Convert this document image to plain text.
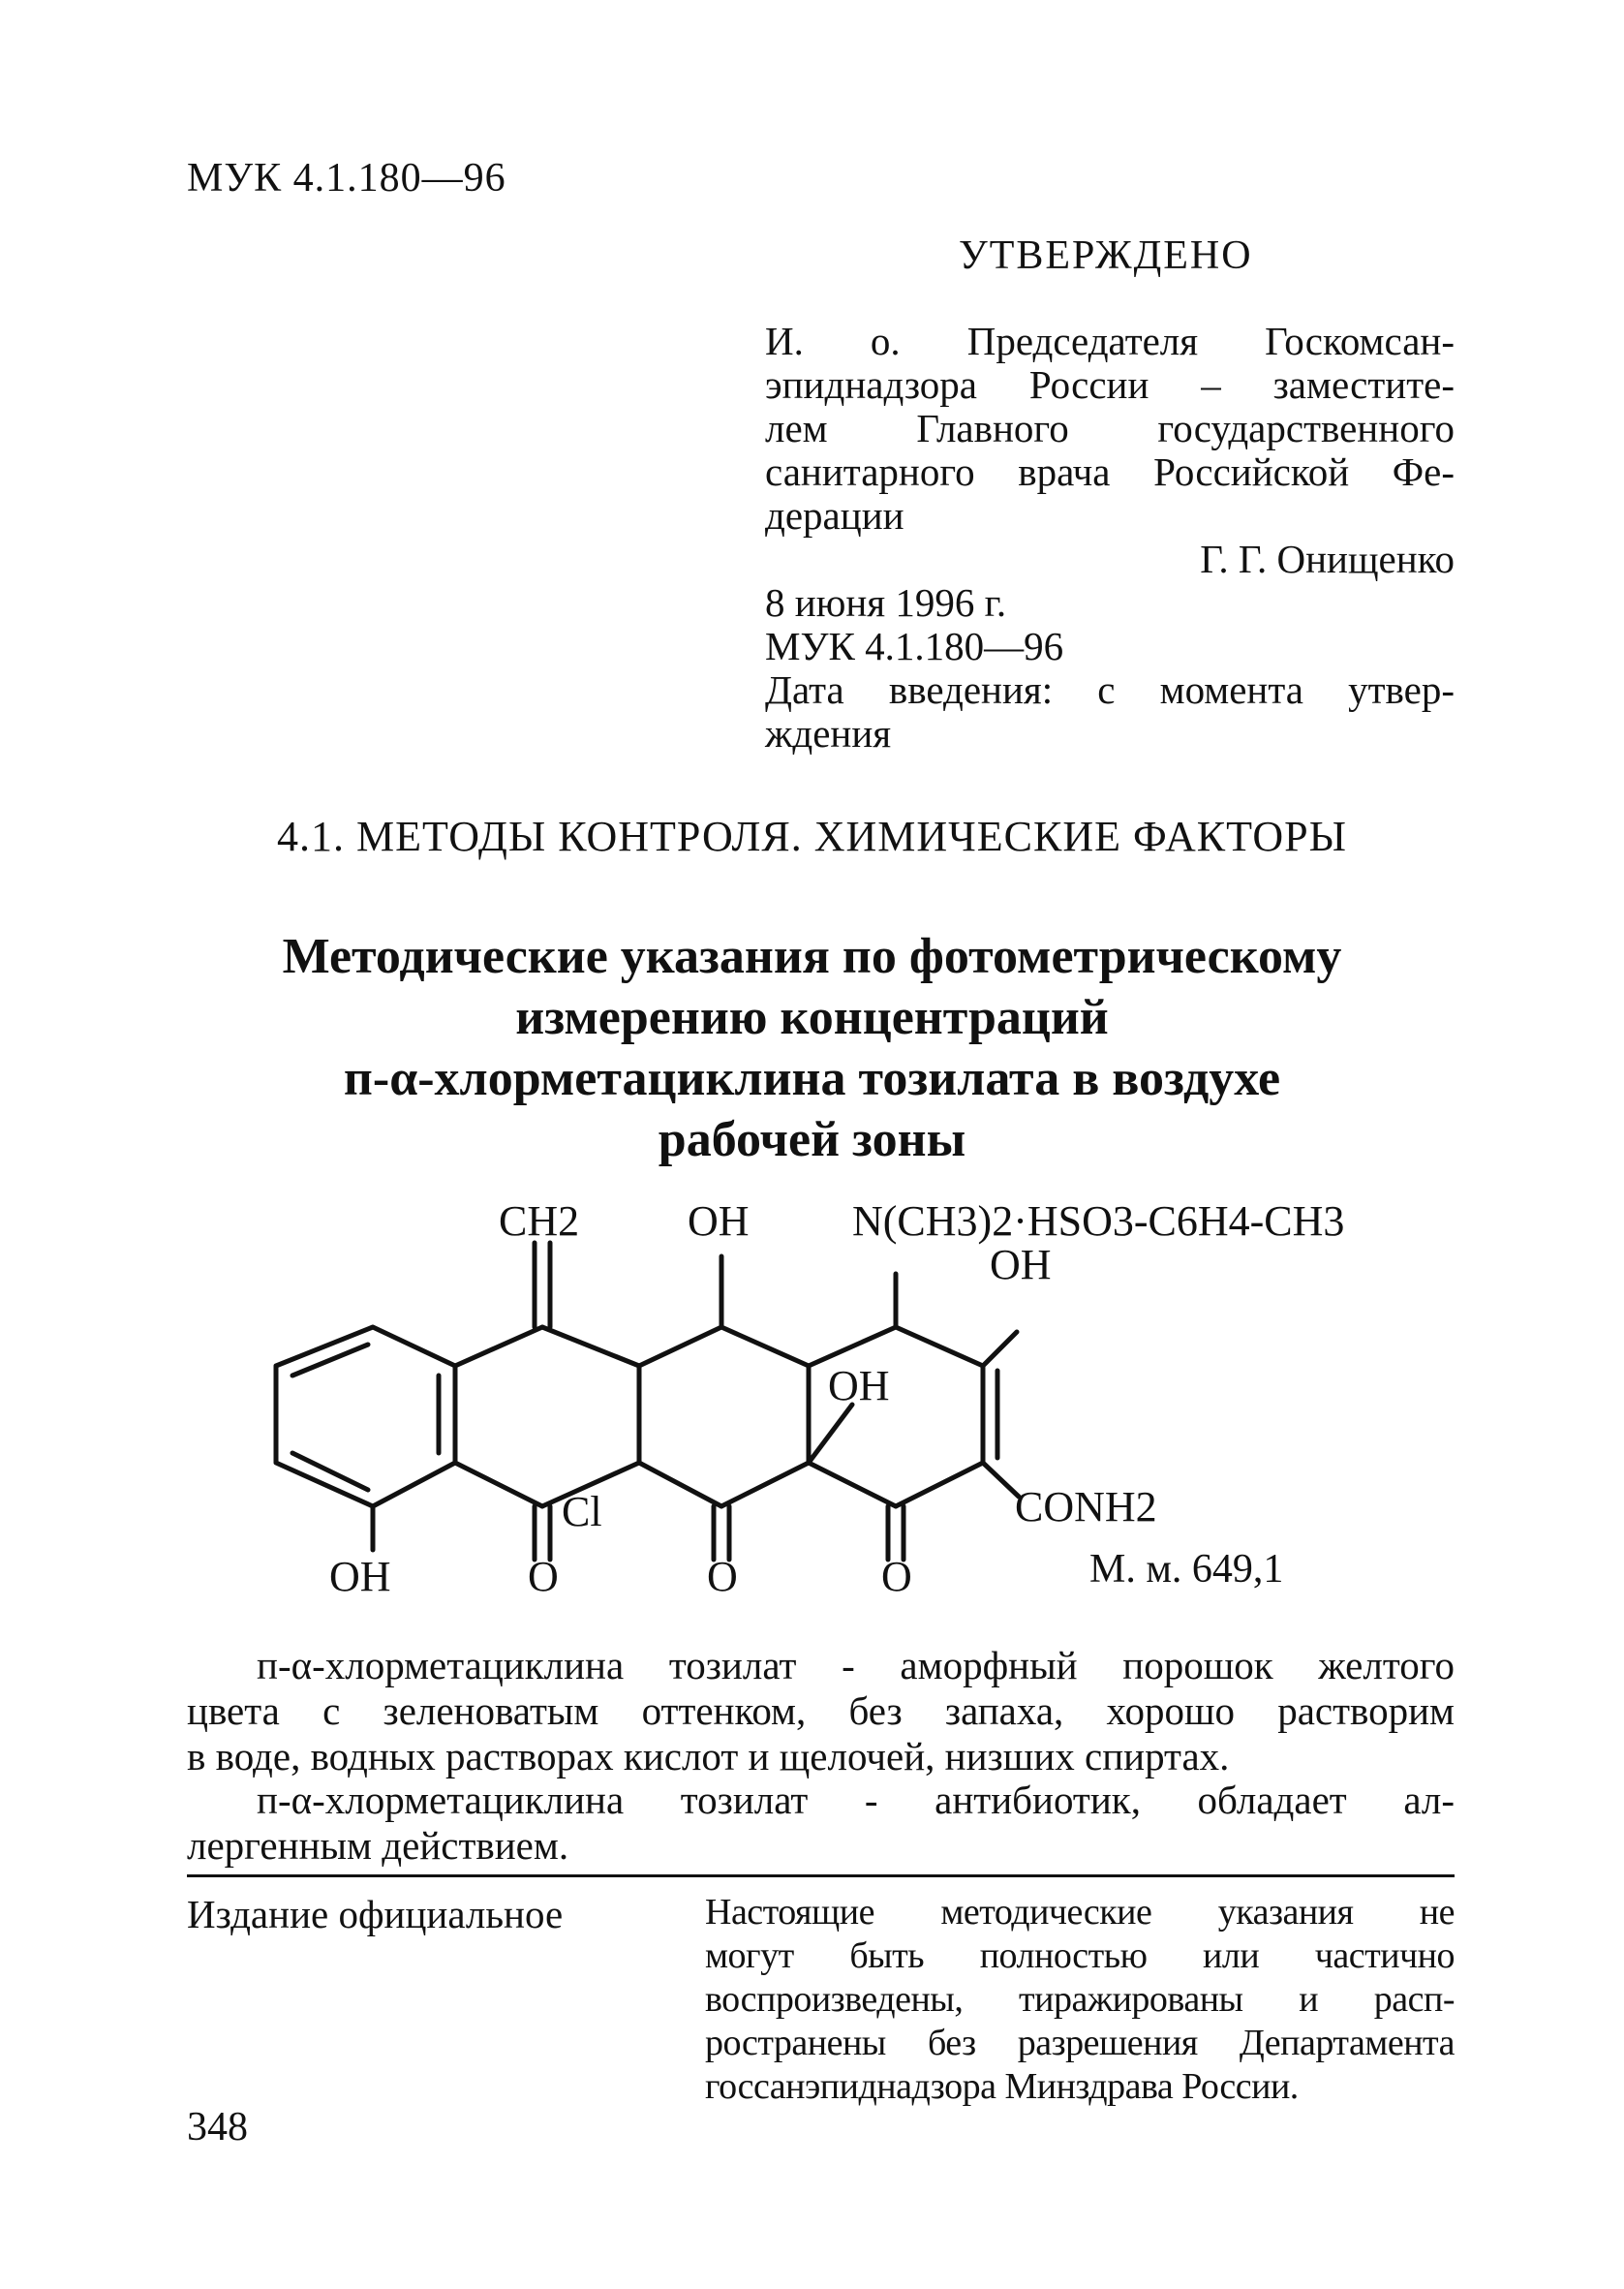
МУК 4.1.180—96
УТВЕРЖДЕНО
И. о. Председателя Госкомсан-
эпиднадзора России – заместите-
лем Главного государственного
санитарного врача Российской Фе-
дерации
Г. Г. Онищенко
8 июня 1996 г.
МУК 4.1.180—96
Дата введения: с момента утвер-
ждения
4.1. МЕТОДЫ КОНТРОЛЯ. ХИМИЧЕСКИЕ ФАКТОРЫ
Методические указания по фотометрическому
измерению концентраций
п-α-хлорметациклина тозилата в воздухе
рабочей зоны
CH2	OH N(CH3)2·HSO3-C6H4-CH3
OH
OH
CONH2
Cl
OH	O	O	O	М. м. 649,1
п-α-хлорметациклина тозилат - аморфный порошок желтого
цвета с зеленоватым оттенком, без запаха, хорошо растворим
в воде, водных растворах кислот и щелочей, низших спиртах.
п-α-хлорметациклина тозилат - антибиотик, обладает ал-
лергенным действием.
Издание официальное	Настоящие методические указания не
могут быть полностью или частично
воспроизведены, тиражированы и расп-
ространены без разрешения Департамента
госсанэпиднадзора Минздрава России.
348
